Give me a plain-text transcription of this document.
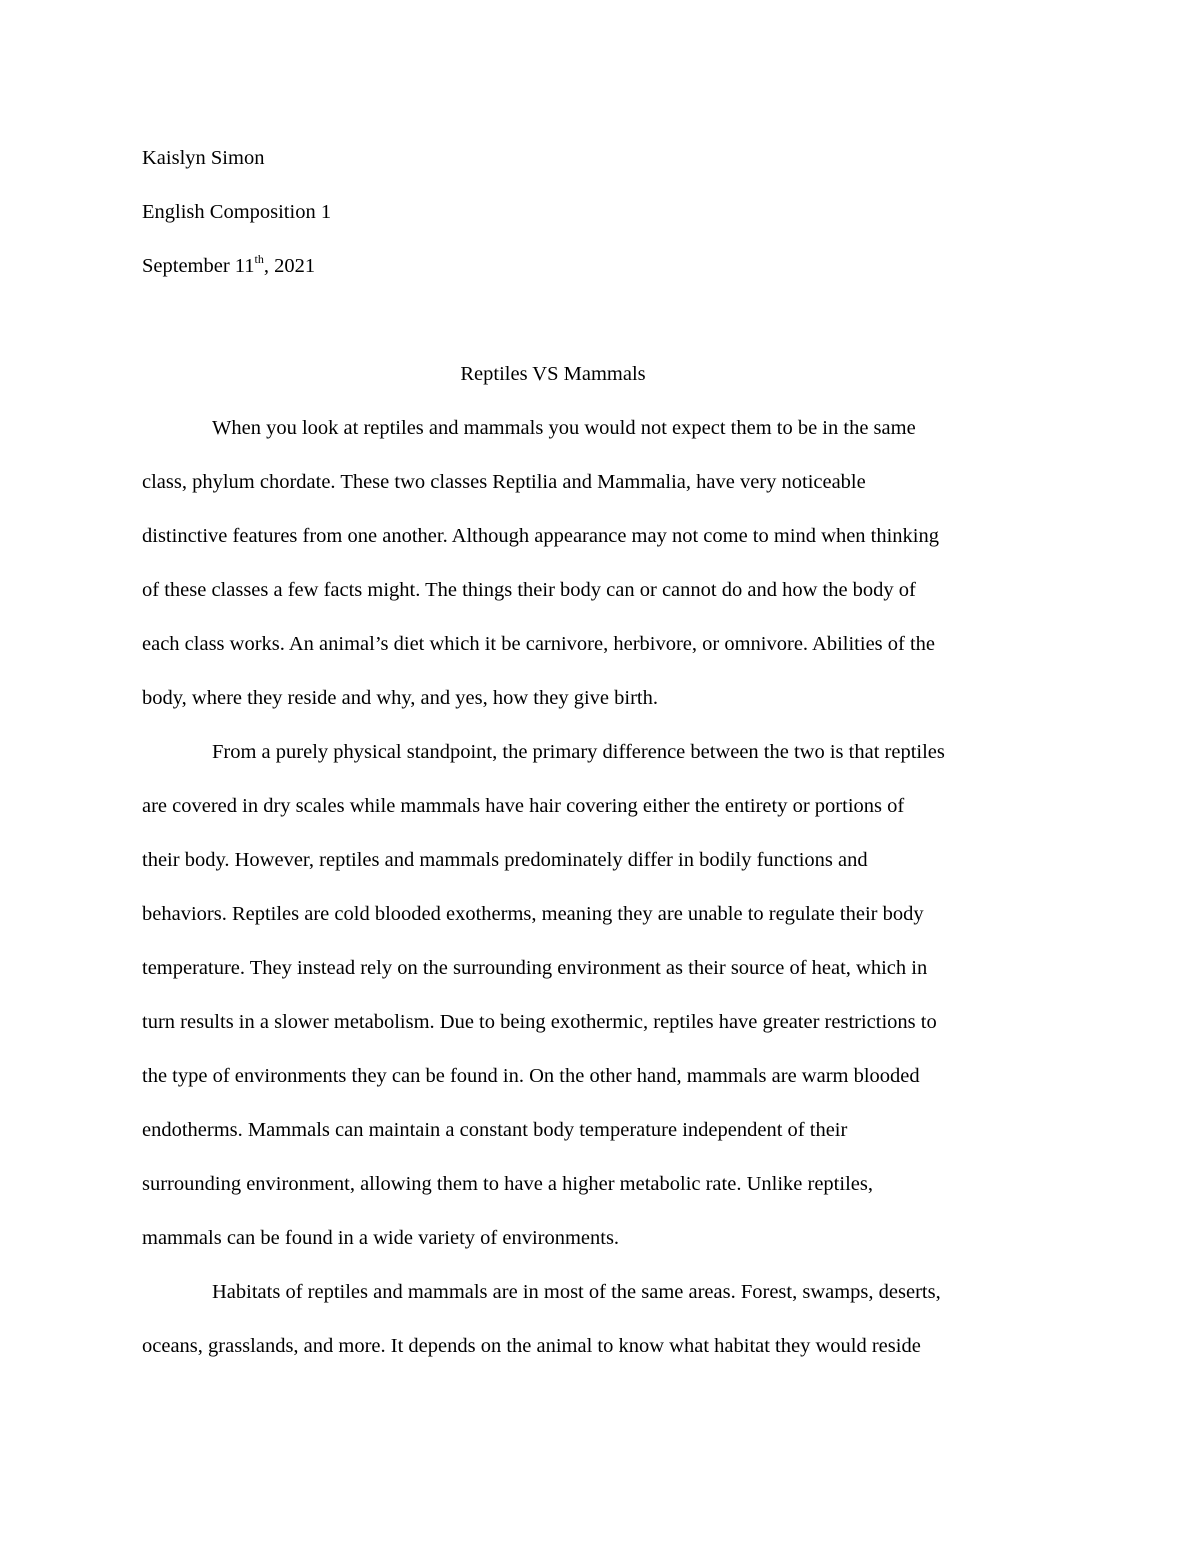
Kaislyn Simon
English Composition 1
September 11th, 2021
Reptiles VS Mammals
When you look at reptiles and mammals you would not expect them to be in the same
class, phylum chordate. These two classes Reptilia and Mammalia, have very noticeable
distinctive features from one another. Although appearance may not come to mind when thinking
of these classes a few facts might. The things their body can or cannot do and how the body of
each class works. An animal’s diet which it be carnivore, herbivore, or omnivore. Abilities of the
body, where they reside and why, and yes, how they give birth.
From a purely physical standpoint, the primary difference between the two is that reptiles
are covered in dry scales while mammals have hair covering either the entirety or portions of
their body. However, reptiles and mammals predominately differ in bodily functions and
behaviors. Reptiles are cold blooded exotherms, meaning they are unable to regulate their body
temperature. They instead rely on the surrounding environment as their source of heat, which in
turn results in a slower metabolism. Due to being exothermic, reptiles have greater restrictions to
the type of environments they can be found in. On the other hand, mammals are warm blooded
endotherms. Mammals can maintain a constant body temperature independent of their
surrounding environment, allowing them to have a higher metabolic rate. Unlike reptiles,
mammals can be found in a wide variety of environments.
Habitats of reptiles and mammals are in most of the same areas. Forest, swamps, deserts,
oceans, grasslands, and more. It depends on the animal to know what habitat they would reside
